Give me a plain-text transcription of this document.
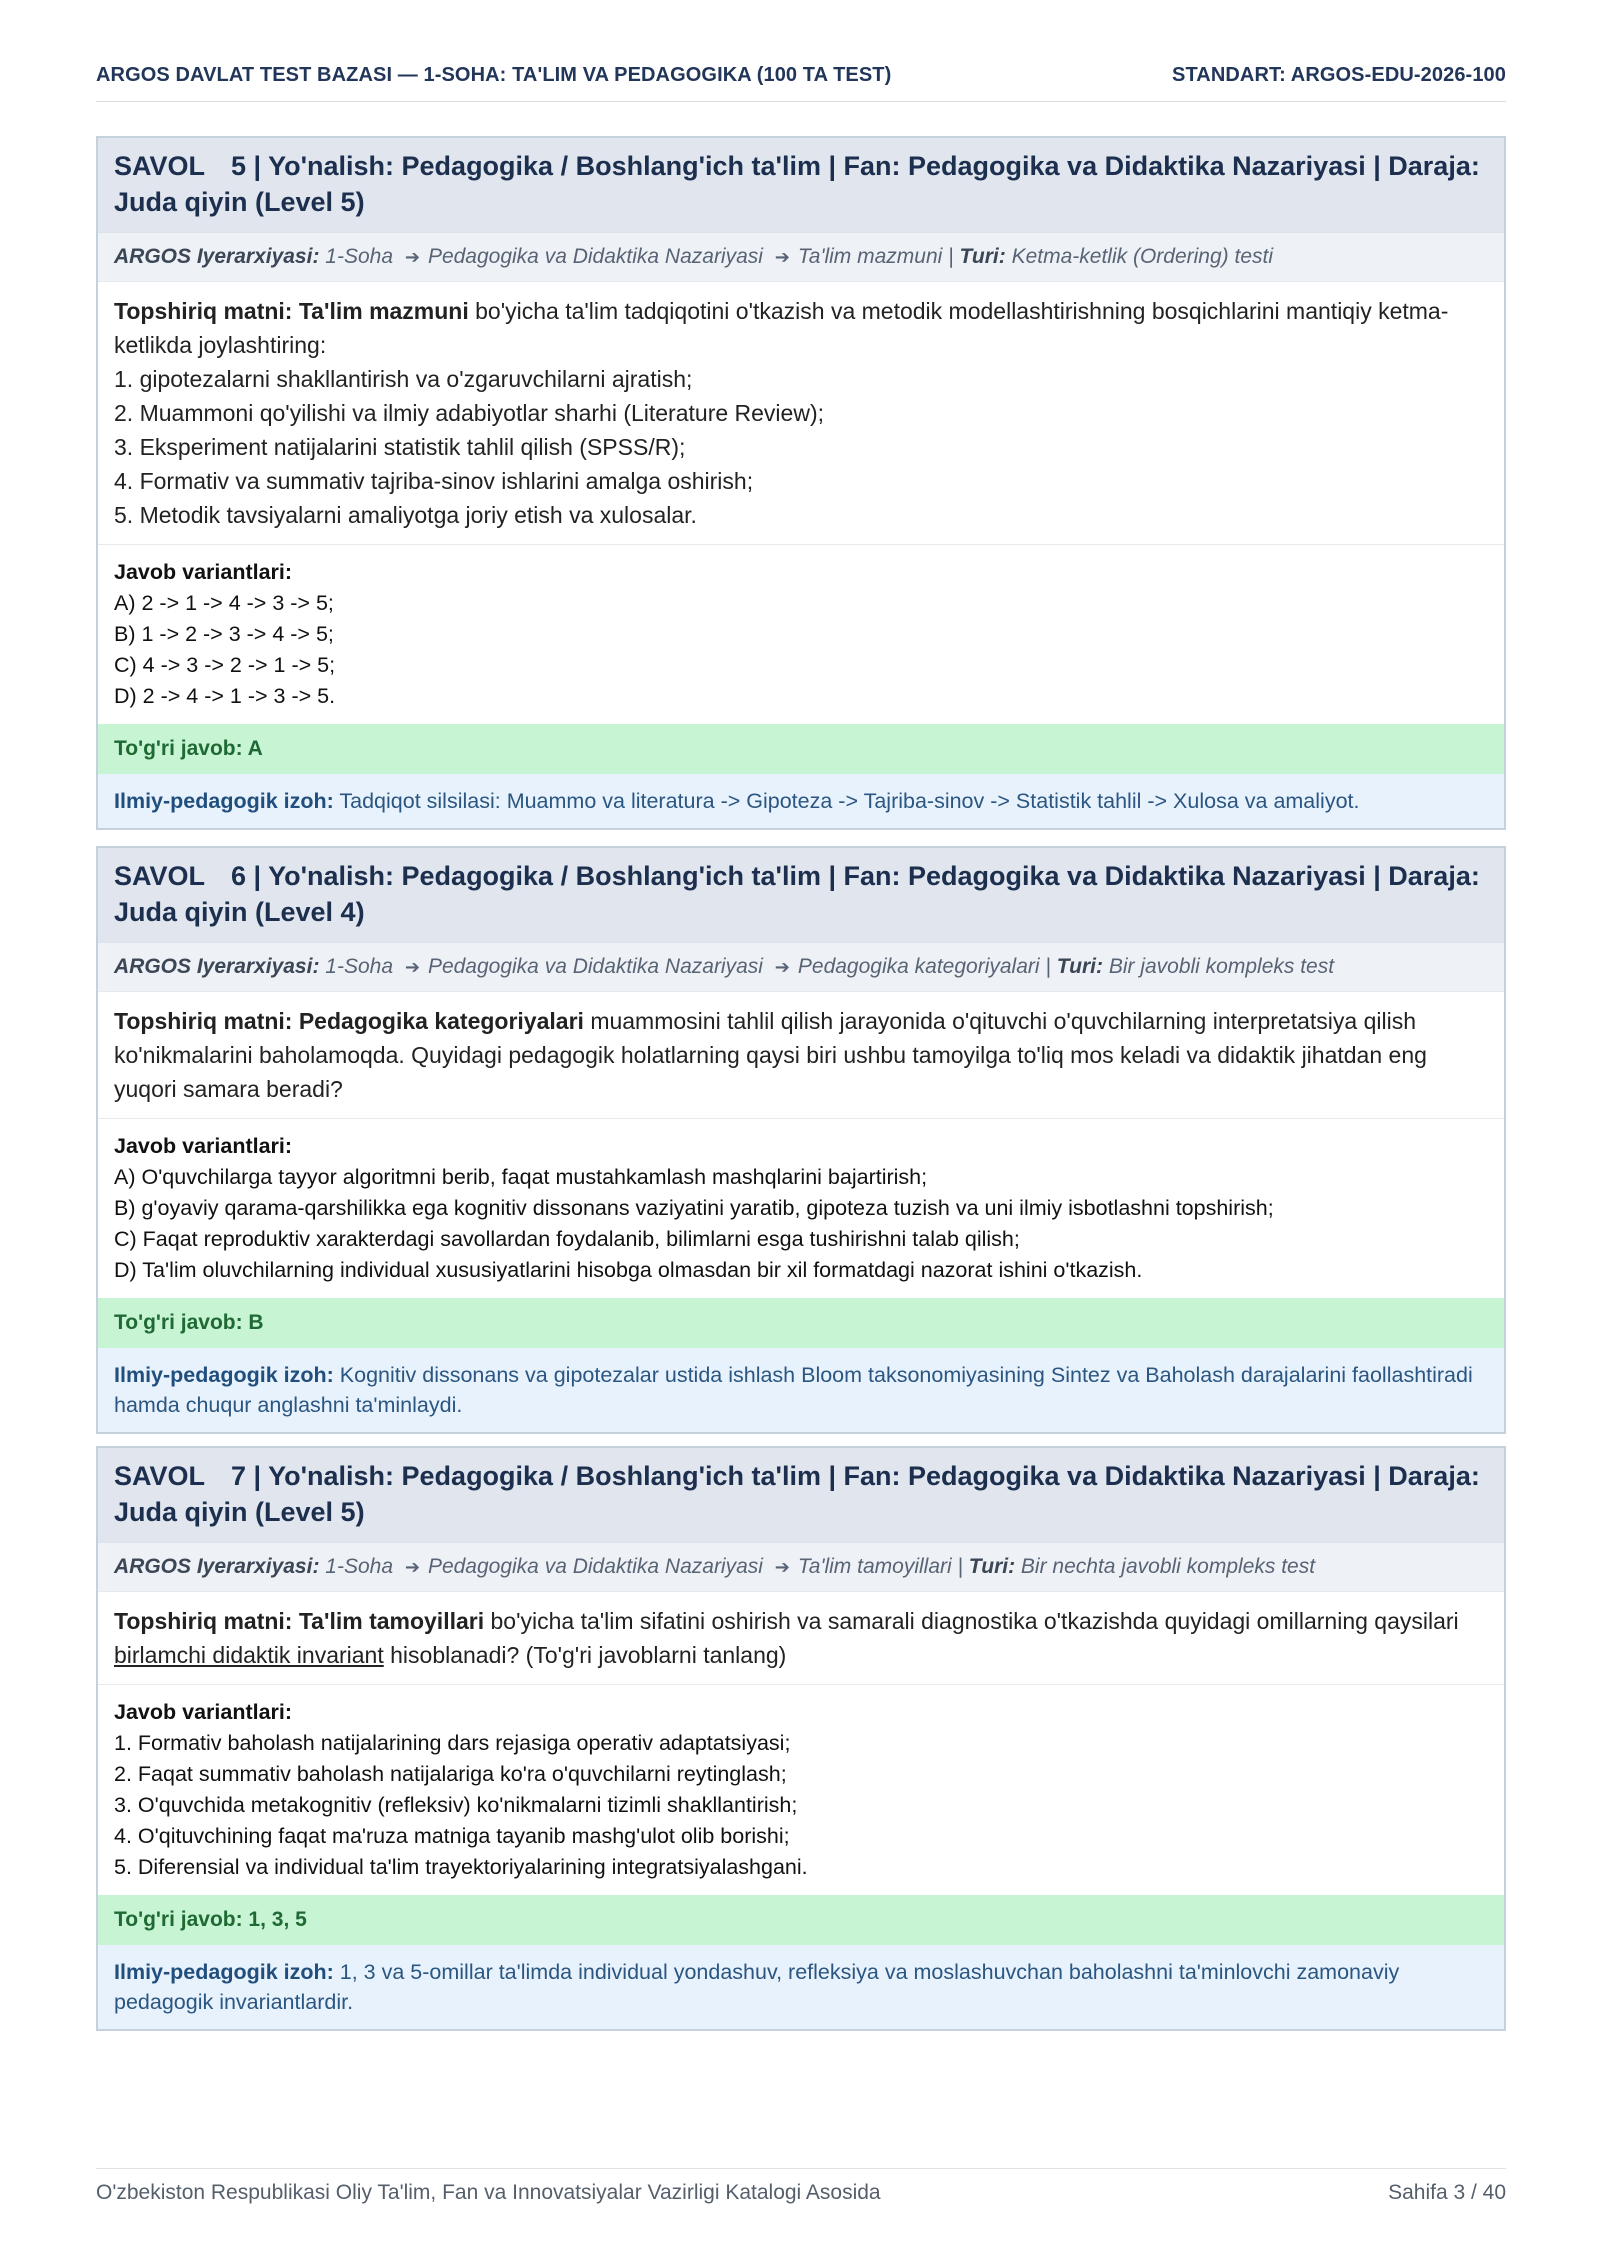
ARGOS DAVLAT TEST BAZASI — 1-SOHA: TA'LIM VA PEDAGOGIKA (100 TA TEST)	STANDART: ARGOS-EDU-2026-100
SAVOL 5 | Yo'nalish: Pedagogika / Boshlang'ich ta'lim | Fan: Pedagogika va Didaktika Nazariyasi | Daraja: Juda qiyin (Level 5)
ARGOS Iyerarxiyasi: 1-Soha ➔ Pedagogika va Didaktika Nazariyasi ➔ Ta'lim mazmuni | Turi: Ketma-ketlik (Ordering) testi
Topshiriq matni: Ta'lim mazmuni bo'yicha ta'lim tadqiqotini o'tkazish va metodik modellashtirishning bosqichlarini mantiqiy ketma-ketlikda joylashtiring:
1. gipotezalarni shakllantirish va o'zgaruvchilarni ajratish;
2. Muammoni qo'yilishi va ilmiy adabiyotlar sharhi (Literature Review);
3. Eksperiment natijalarini statistik tahlil qilish (SPSS/R);
4. Formativ va summativ tajriba-sinov ishlarini amalga oshirish;
5. Metodik tavsiyalarni amaliyotga joriy etish va xulosalar.
Javob variantlari:
A) 2 -> 1 -> 4 -> 3 -> 5;
B) 1 -> 2 -> 3 -> 4 -> 5;
C) 4 -> 3 -> 2 -> 1 -> 5;
D) 2 -> 4 -> 1 -> 3 -> 5.
To'g'ri javob: A
Ilmiy-pedagogik izoh: Tadqiqot silsilasi: Muammo va literatura -> Gipoteza -> Tajriba-sinov -> Statistik tahlil -> Xulosa va amaliyot.
SAVOL 6 | Yo'nalish: Pedagogika / Boshlang'ich ta'lim | Fan: Pedagogika va Didaktika Nazariyasi | Daraja: Juda qiyin (Level 4)
ARGOS Iyerarxiyasi: 1-Soha ➔ Pedagogika va Didaktika Nazariyasi ➔ Pedagogika kategoriyalari | Turi: Bir javobli kompleks test
Topshiriq matni: Pedagogika kategoriyalari muammosini tahlil qilish jarayonida o'qituvchi o'quvchilarning interpretatsiya qilish ko'nikmalarini baholamoqda. Quyidagi pedagogik holatlarning qaysi biri ushbu tamoyilga to'liq mos keladi va didaktik jihatdan eng yuqori samara beradi?
Javob variantlari:
A) O'quvchilarga tayyor algoritmni berib, faqat mustahkamlash mashqlarini bajartirish;
B) g'oyaviy qarama-qarshilikka ega kognitiv dissonans vaziyatini yaratib, gipoteza tuzish va uni ilmiy isbotlashni topshirish;
C) Faqat reproduktiv xarakterdagi savollardan foydalanib, bilimlarni esga tushirishni talab qilish;
D) Ta'lim oluvchilarning individual xususiyatlarini hisobga olmasdan bir xil formatdagi nazorat ishini o'tkazish.
To'g'ri javob: B
Ilmiy-pedagogik izoh: Kognitiv dissonans va gipotezalar ustida ishlash Bloom taksonomiyasining Sintez va Baholash darajalarini faollashtiradi hamda chuqur anglashni ta'minlaydi.
SAVOL 7 | Yo'nalish: Pedagogika / Boshlang'ich ta'lim | Fan: Pedagogika va Didaktika Nazariyasi | Daraja: Juda qiyin (Level 5)
ARGOS Iyerarxiyasi: 1-Soha ➔ Pedagogika va Didaktika Nazariyasi ➔ Ta'lim tamoyillari | Turi: Bir nechta javobli kompleks test
Topshiriq matni: Ta'lim tamoyillari bo'yicha ta'lim sifatini oshirish va samarali diagnostika o'tkazishda quyidagi omillarning qaysilari birlamchi didaktik invariant hisoblanadi? (To'g'ri javoblarni tanlang)
Javob variantlari:
1. Formativ baholash natijalarining dars rejasiga operativ adaptatsiyasi;
2. Faqat summativ baholash natijalariga ko'ra o'quvchilarni reytinglash;
3. O'quvchida metakognitiv (refleksiv) ko'nikmalarni tizimli shakllantirish;
4. O'qituvchining faqat ma'ruza matniga tayanib mashg'ulot olib borishi;
5. Diferensial va individual ta'lim trayektoriyalarining integratsiyalashgani.
To'g'ri javob: 1, 3, 5
Ilmiy-pedagogik izoh: 1, 3 va 5-omillar ta'limda individual yondashuv, refleksiya va moslashuvchan baholashni ta'minlovchi zamonaviy pedagogik invariantlardir.
O'zbekiston Respublikasi Oliy Ta'lim, Fan va Innovatsiyalar Vazirligi Katalogi Asosida	Sahifa 3 / 40
